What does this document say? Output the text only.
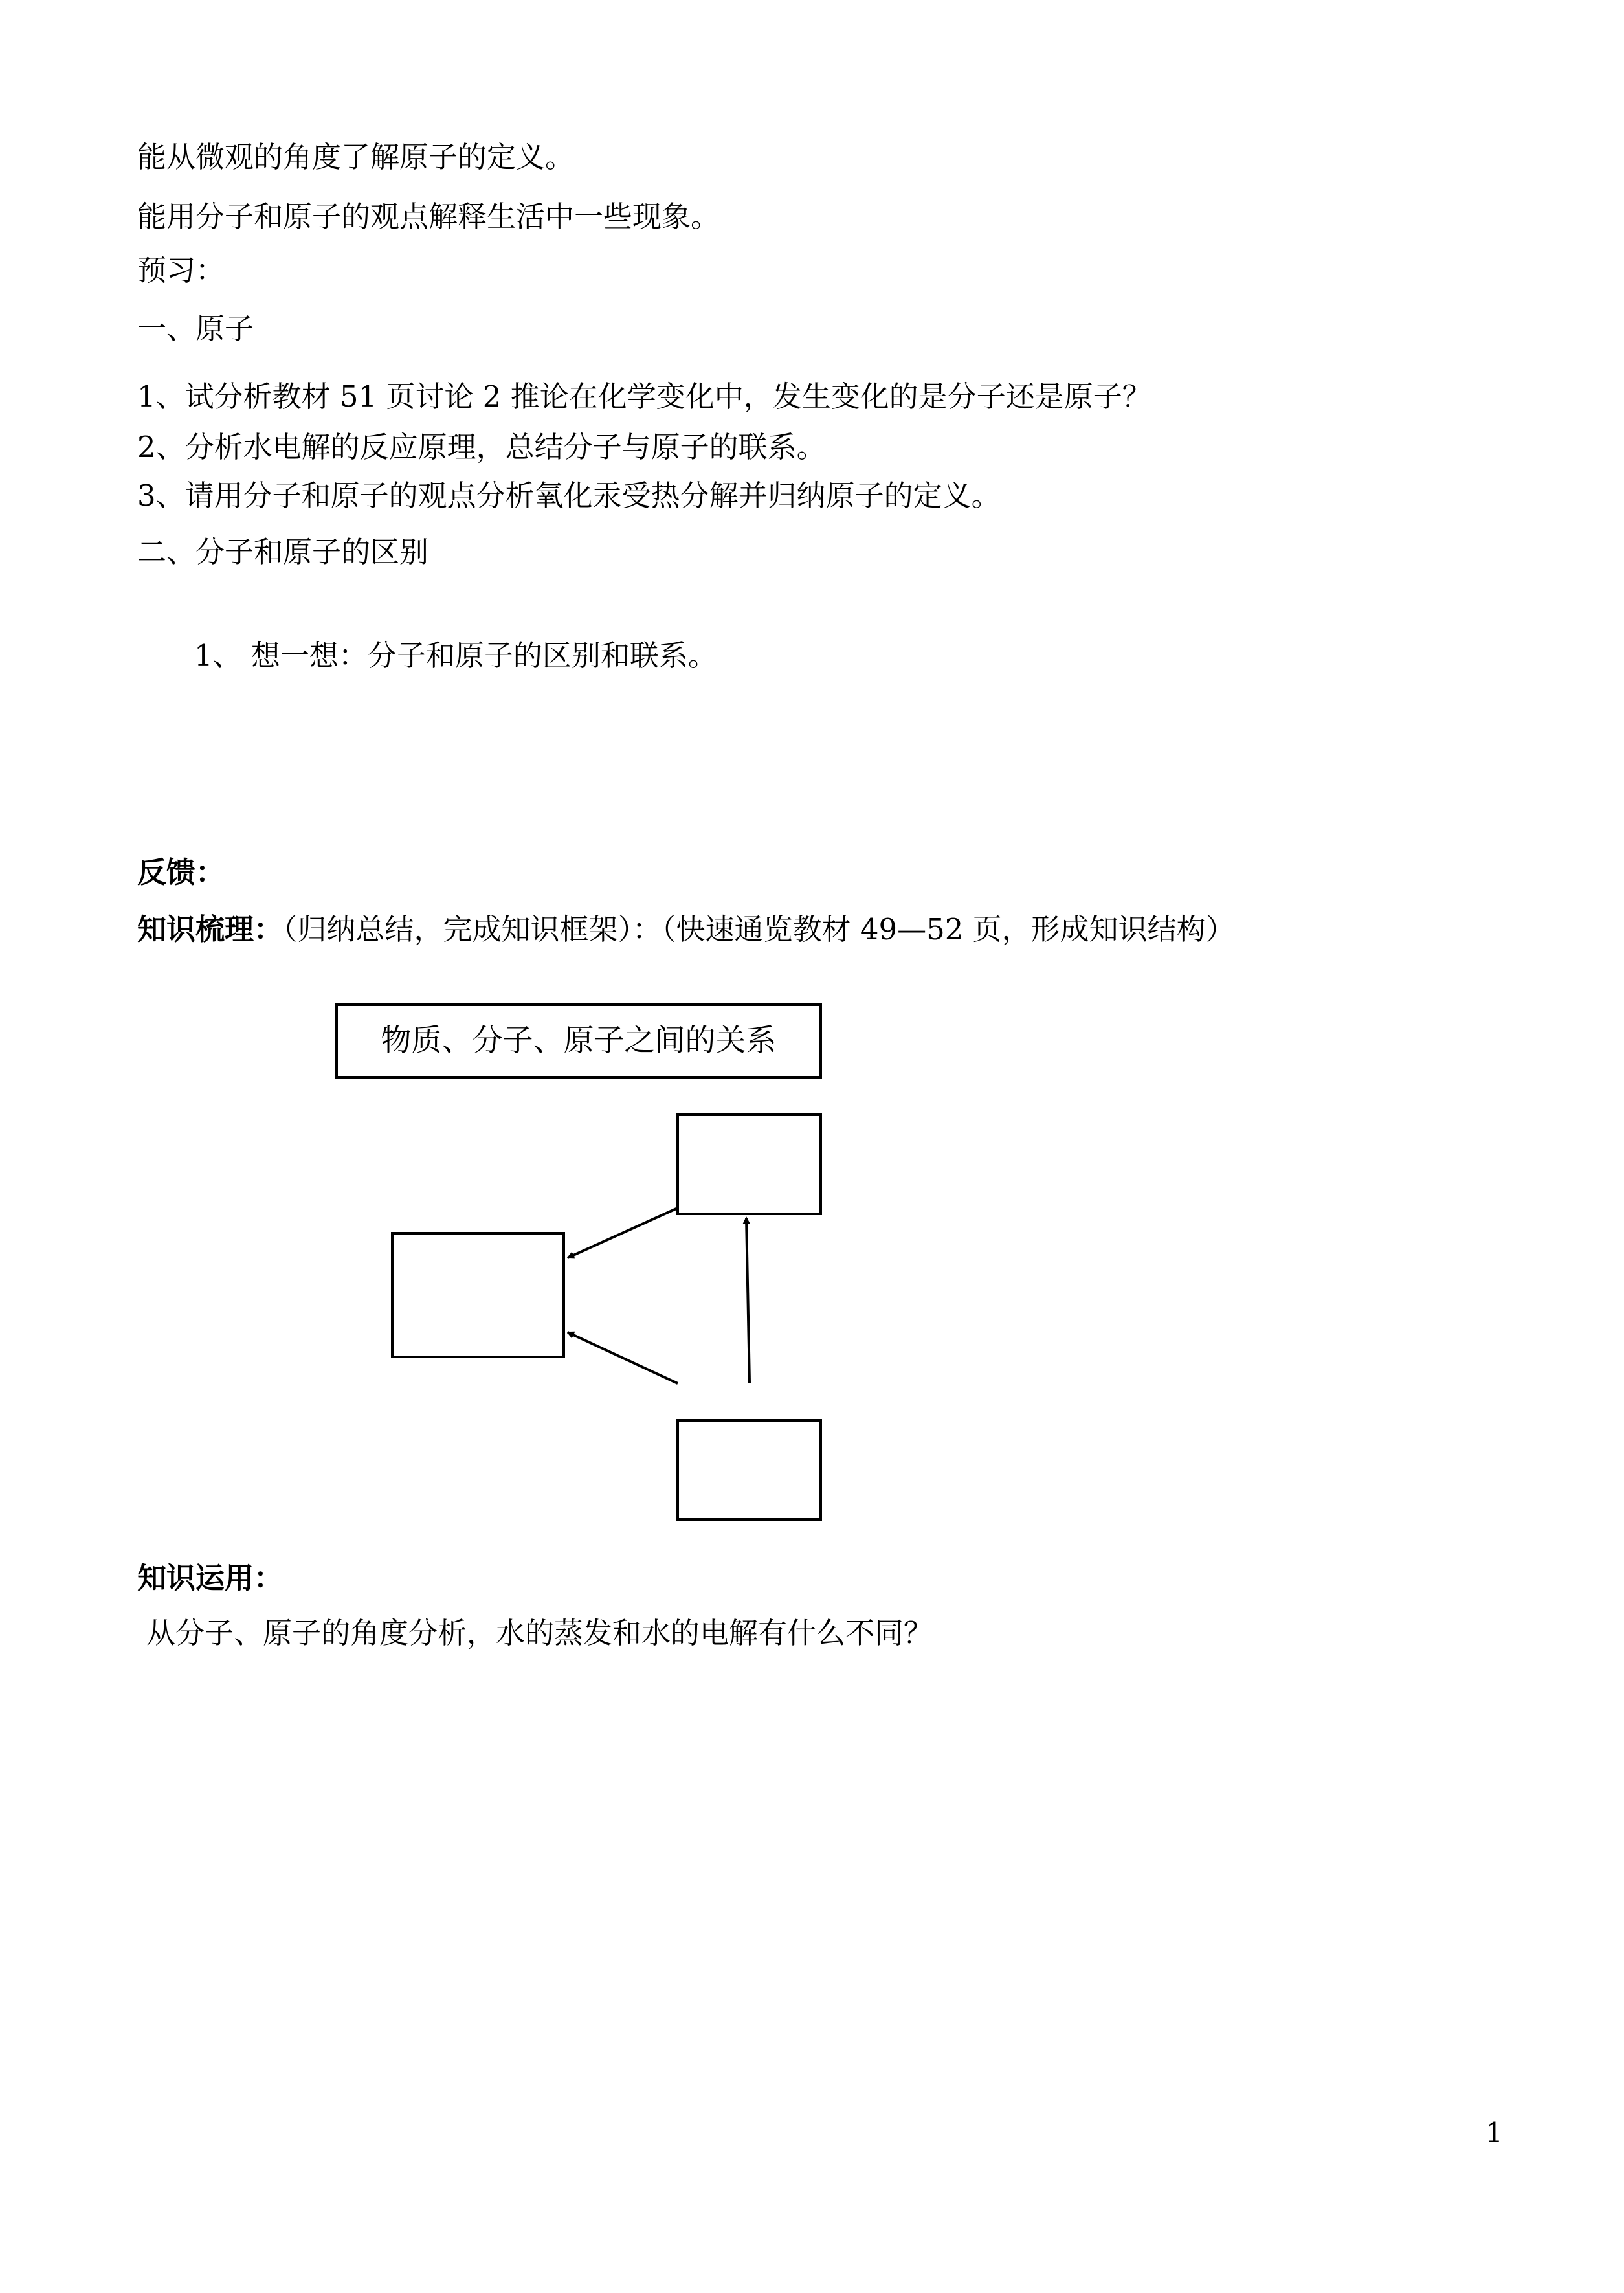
能从微观的角度了解原子的定义。
能用分子和原子的观点解释生活中一些现象。
预习：
一、原子
1、试分析教材 51 页讨论 2 推论在化学变化中，发生变化的是分子还是原子？
2、分析水电解的反应原理，总结分子与原子的联系。
3、请用分子和原子的观点分析氧化汞受热分解并归纳原子的定义。
二、分子和原子的区别
1、 想一想：分子和原子的区别和联系。
反馈：
知识梳理：（归纳总结，完成知识框架）：（快速通览教材 49—52 页，形成知识结构）
物质、分子、原子之间的关系
知识运用：
从分子、原子的角度分析，水的蒸发和水的电解有什么不同？
1
